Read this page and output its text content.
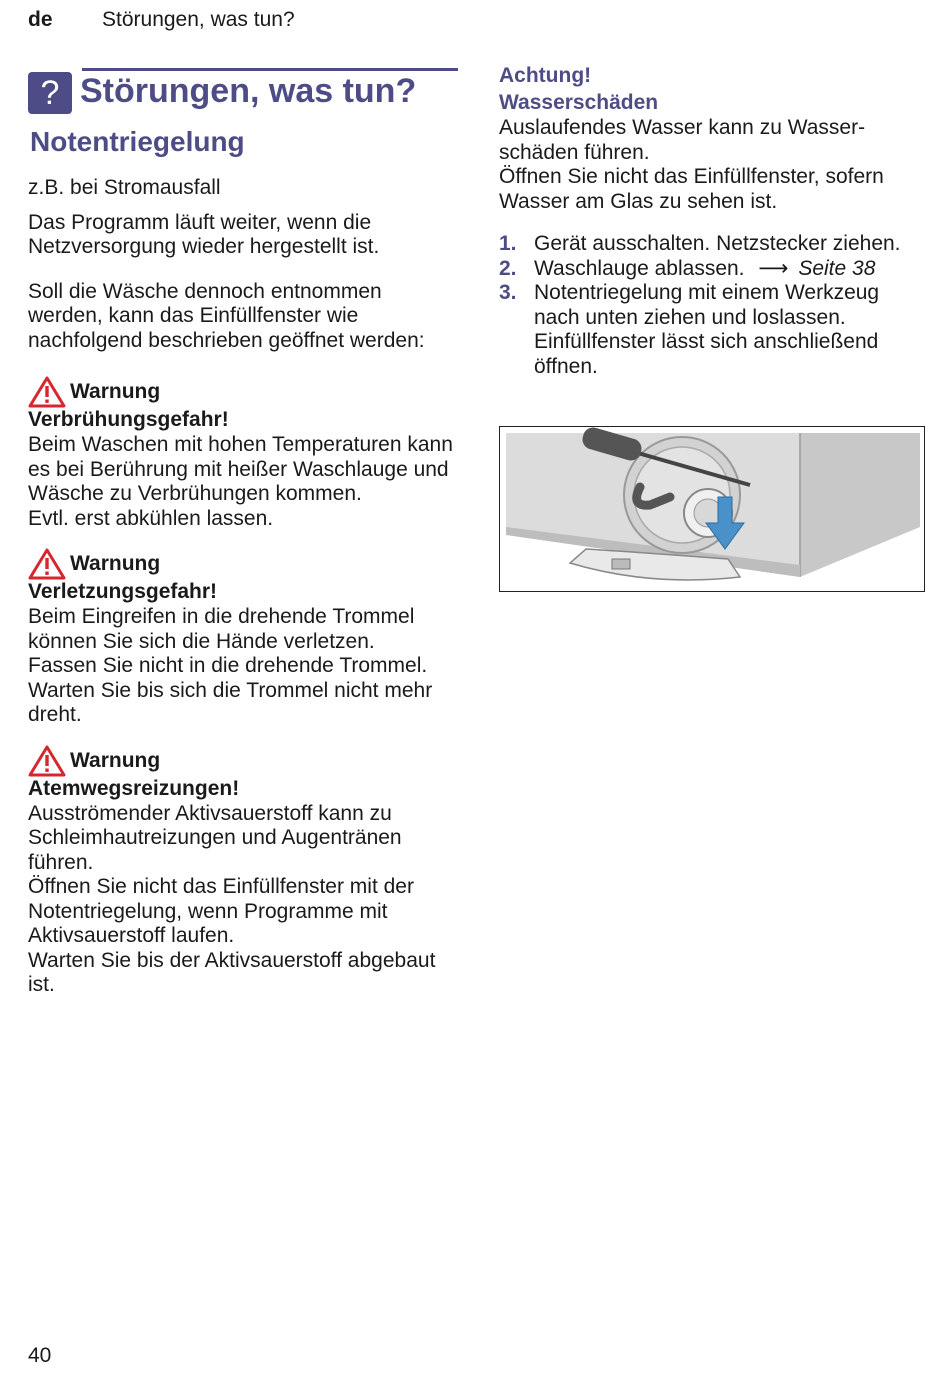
de Störungen, was tun?
? Störungen, was tun?
Notentriegelung
z.B. bei Stromausfall
Das Programm läuft weiter, wenn die Netzversorgung wieder hergestellt ist.
Soll die Wäsche dennoch entnommen werden, kann das Einfüllfenster wie nachfolgend beschrieben geöffnet werden:
Warnung
Verbrühungsgefahr!
Beim Waschen mit hohen Temperaturen kann es bei Berührung mit heißer Waschlauge und Wäsche zu Verbrühungen kommen.
Evtl. erst abkühlen lassen.
Warnung
Verletzungsgefahr!
Beim Eingreifen in die drehende Trommel können Sie sich die Hände verletzen.
Fassen Sie nicht in die drehende Trommel.
Warten Sie bis sich die Trommel nicht mehr dreht.
Warnung
Atemwegsreizungen!
Ausströmender Aktivsauerstoff kann zu Schleimhautreizungen und Augentränen führen.
Öffnen Sie nicht das Einfüllfenster mit der Notentriegelung, wenn Programme mit Aktivsauerstoff laufen.
Warten Sie bis der Aktivsauerstoff abgebaut ist.
Achtung!
Wasserschäden
Auslaufendes Wasser kann zu Wasserschäden führen.
Öffnen Sie nicht das Einfüllfenster, sofern Wasser am Glas zu sehen ist.
1. Gerät ausschalten. Netzstecker ziehen.
2. Waschlauge ablassen. ⟶ Seite 38
3. Notentriegelung mit einem Werkzeug nach unten ziehen und loslassen. Einfüllfenster lässt sich anschließend öffnen.
40
